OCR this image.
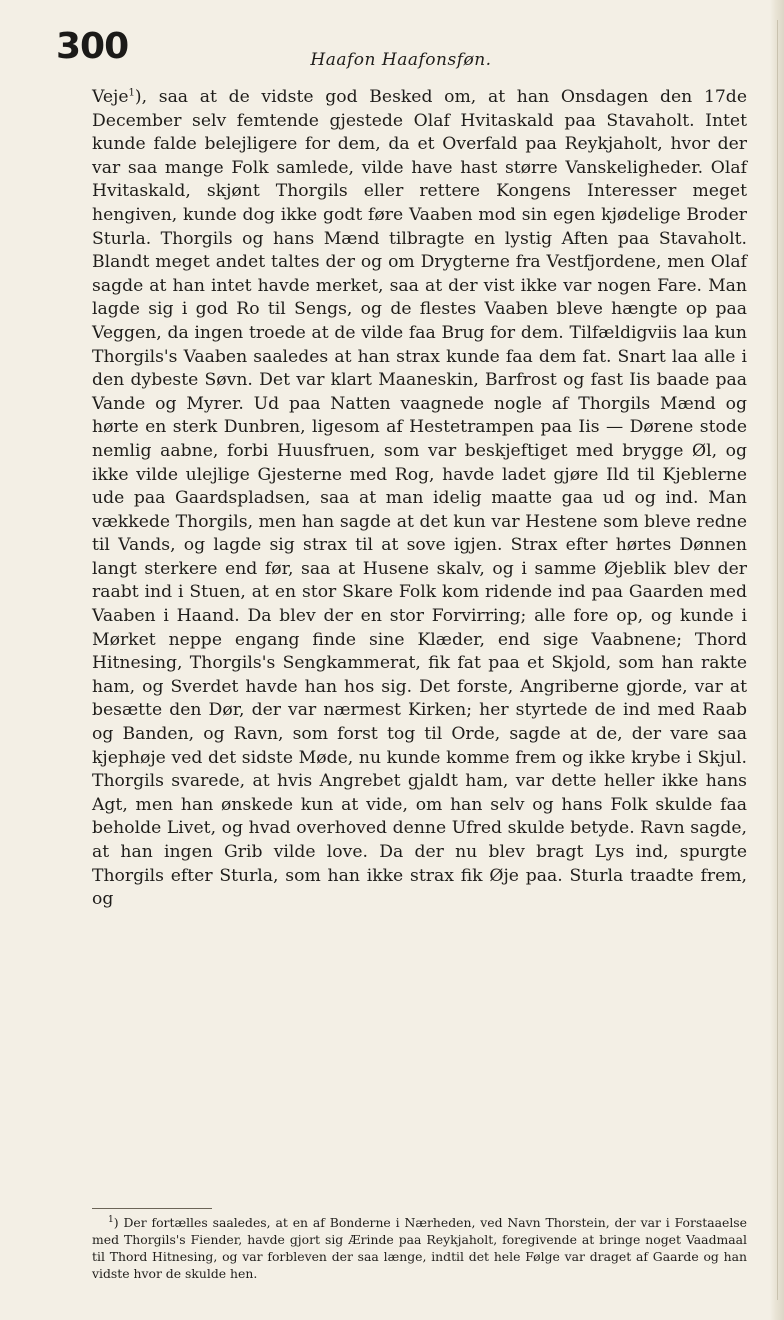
300	Haafon Haafonsføn.

Veje$^1$), saa at de vidste god Besked om, at han Onsdagen den 17de December selv femtende gjestede Olaf Hvitaskald paa Stavaholt. Intet kunde falde belejligere for dem, da et Overfald paa Reykjaholt, hvor der var saa mange Folk samlede, vilde have hast større Vanskeligheder. Olaf Hvitaskald, skjønt Thorgils eller rettere Kongens Interesser meget hengiven, kunde dog ikke godt føre Vaaben mod sin egen kjødelige Broder Sturla. Thorgils og hans Mænd tilbragte en lystig Aften paa Stavaholt. Blandt meget andet taltes der og om Drygterne fra Vestfjordene, men Olaf sagde at han intet havde merket, saa at der vist ikke var nogen Fare. Man lagde sig i god Ro til Sengs, og de flestes Vaaben bleve hængte op paa Veggen, da ingen troede at de vilde faa Brug for dem. Tilfældigviis laa kun Thorgils's Vaaben saaledes at han strax kunde faa dem fat. Snart laa alle i den dybeste Søvn. Det var klart Maaneskin, Barfrost og fast Iis baade paa Vande og Myrer. Ud paa Natten vaagnede nogle af Thorgils Mænd og hørte en sterk Dunbren, ligesom af Hestetrampen paa Iis — Dørene stode nemlig aabne, forbi Huusfruen, som var beskjeftiget med brygge Øl, og ikke vilde ulejlige Gjesterne med Rog, havde ladet gjøre Ild til Kjeblerne ude paa Gaardspladsen, saa at man idelig maatte gaa ud og ind. Man vækkede Thorgils, men han sagde at det kun var Hestene som bleve redne til Vands, og lagde sig strax til at sove igjen. Strax efter hørtes Dønnen langt sterkere end før, saa at Husene skalv, og i samme Øjeblik blev der raabt ind i Stuen, at en stor Skare Folk kom ridende ind paa Gaarden med Vaaben i Haand. Da blev der en stor Forvirring; alle fore op, og kunde i Mørket neppe engang finde sine Klæder, end sige Vaabnene; Thord Hitnesing, Thorgils's Sengkammerat, fik fat paa et Skjold, som han rakte ham, og Sverdet havde han hos sig. Det forste, Angriberne gjorde, var at besætte den Dør, der var nærmest Kirken; her styrtede de ind med Raab og Banden, og Ravn, som forst tog til Orde, sagde at de, der vare saa kjephøje ved det sidste Møde, nu kunde komme frem og ikke krybe i Skjul. Thorgils svarede, at hvis Angrebet gjaldt ham, var dette heller ikke hans Agt, men han ønskede kun at vide, om han selv og hans Folk skulde faa beholde Livet, og hvad overhoved denne Ufred skulde betyde. Ravn sagde, at han ingen Grib vilde love. Da der nu blev bragt Lys ind, spurgte Thorgils efter Sturla, som han ikke strax fik Øje paa. Sturla traadte frem, og

$^1$) Der fortælles saaledes, at en af Bonderne i Nærheden, ved Navn Thorstein, der var i Forstaaelse med Thorgils's Fiender, havde gjort sig Ærinde paa Reykjaholt, foregivende at bringe noget Vaadmaal til Thord Hitnesing, og var forbleven der saa længe, indtil det hele Følge var draget af Gaarde og han vidste hvor de skulde hen.
